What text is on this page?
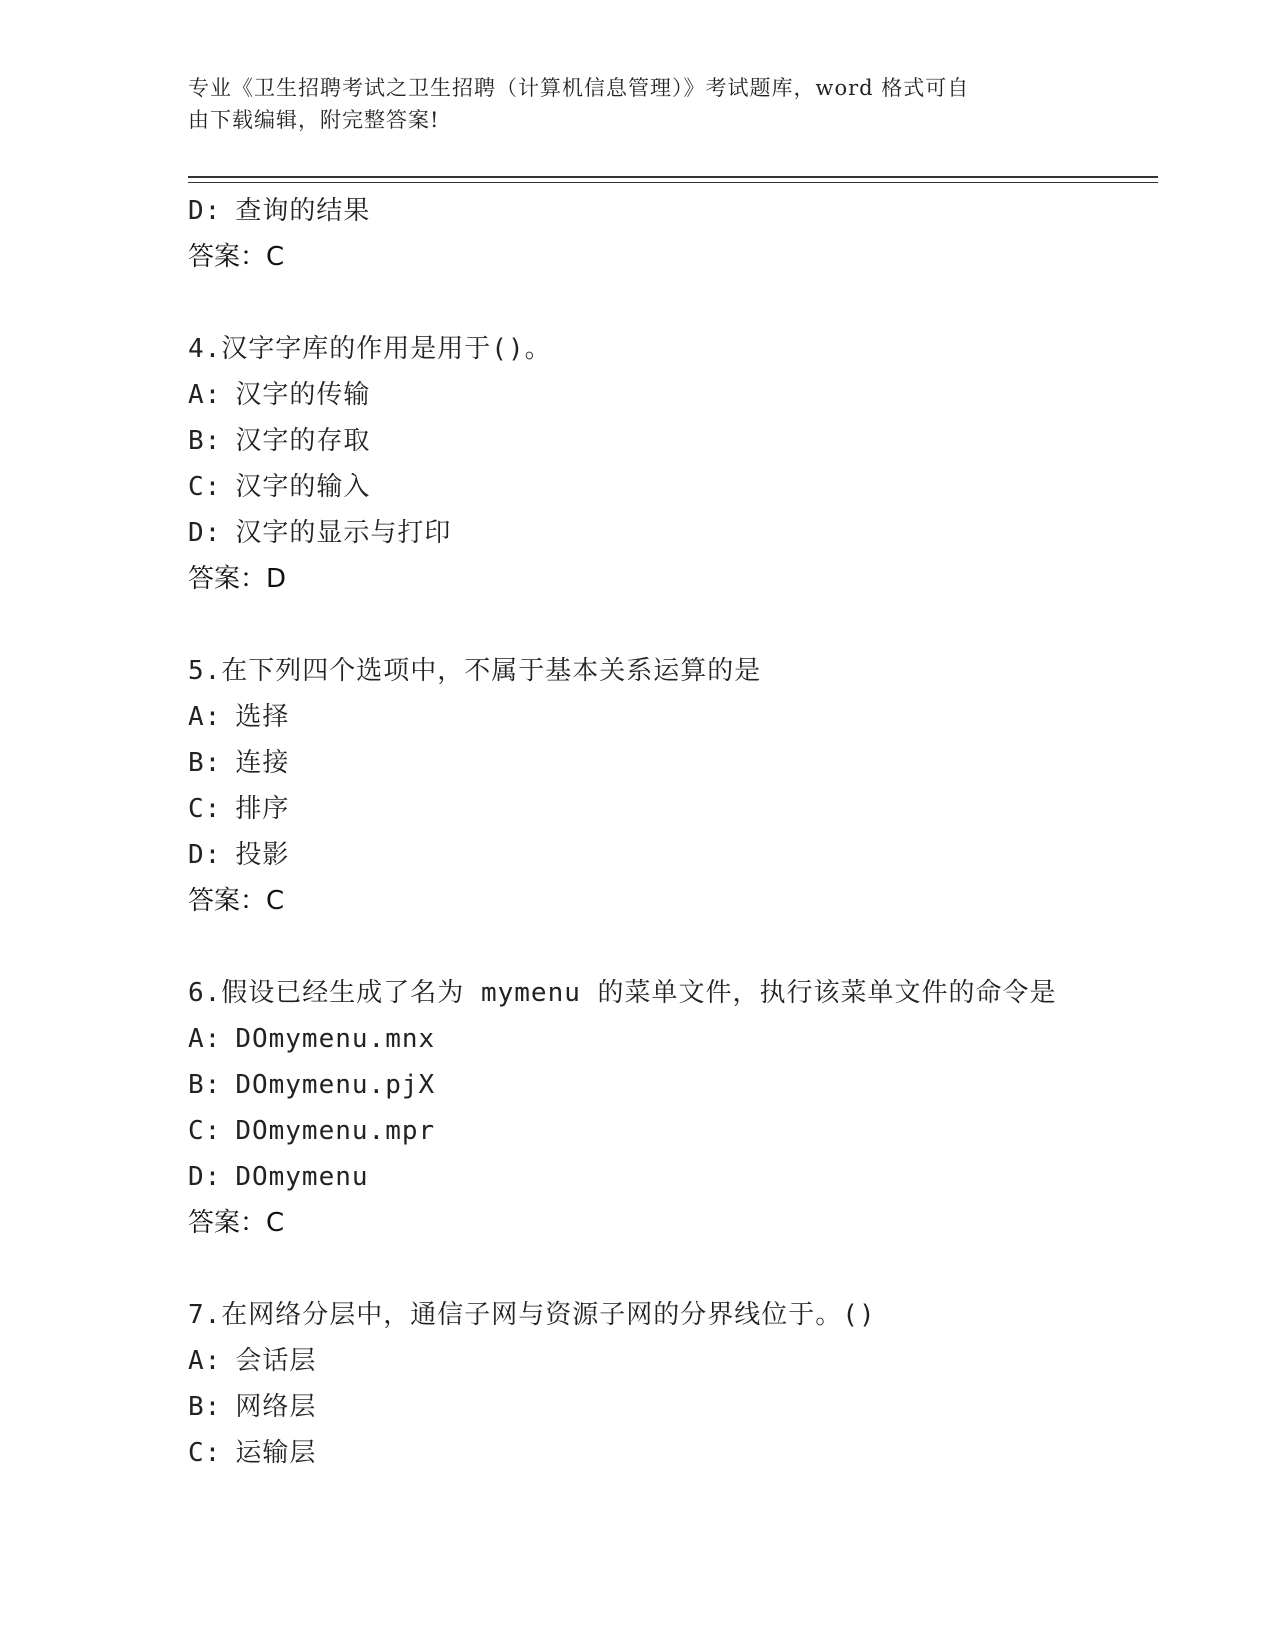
专业《卫生招聘考试之卫生招聘（计算机信息管理）》考试题库，word 格式可自
由下载编辑，附完整答案!
D: 查询的结果
答案：C
4.汉字字库的作用是用于()。
A: 汉字的传输
B: 汉字的存取
C: 汉字的输入
D: 汉字的显示与打印
答案：D
5.在下列四个选项中，不属于基本关系运算的是
A: 选择
B: 连接
C: 排序
D: 投影
答案：C
6.假设已经生成了名为 mymenu 的菜单文件，执行该菜单文件的命令是
A: DOmymenu.mnx
B: DOmymenu.pjX
C: DOmymenu.mpr
D: DOmymenu
答案：C
7.在网络分层中，通信子网与资源子网的分界线位于。()
A: 会话层
B: 网络层
C: 运输层
